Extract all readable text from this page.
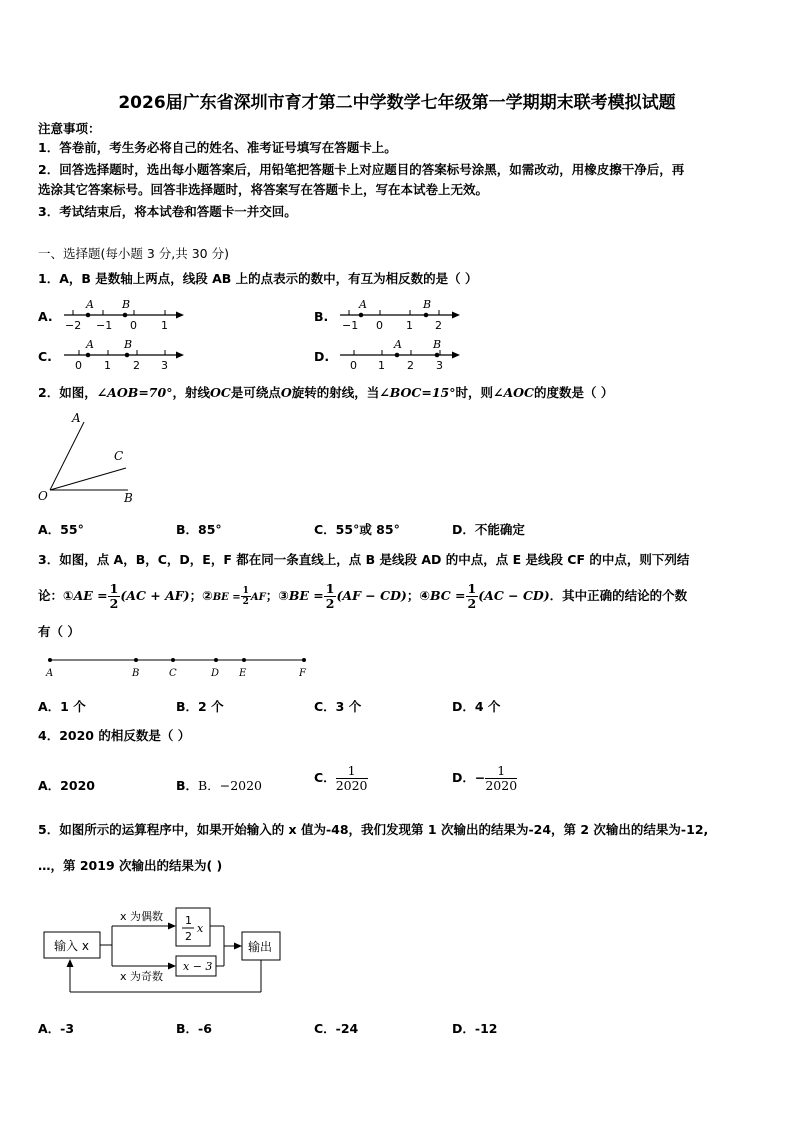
2026届广东省深圳市育才第二中学数学七年级第一学期期末联考模拟试题
注意事项：
1．答卷前，考生务必将自己的姓名、准考证号填写在答题卡上。
2．回答选择题时，选出每小题答案后，用铅笔把答题卡上对应题目的答案标号涂黑，如需改动，用橡皮擦干净后，再
选涂其它答案标号。回答非选择题时，将答案写在答题卡上，写在本试卷上无效。
3．考试结束后，将本试卷和答题卡一并交回。
一、选择题(每小题 3 分,共 30 分)
1．A，B 是数轴上两点，线段 AB 上的点表示的数中，有互为相反数的是（ ）
A.
A	B
−2 −1 0 1
B.
A	B
−1 0 1 2
C.
A	B
0 1 2 3
D.
A	B
0 1 2 3
2．如图，∠AOB=70°，射线OC是可绕点O旋转的射线，当∠BOC=15°时，则∠AOC的度数是（ ）
A
C
O	B
A．55°	B．85°	C．55°或 85°	D．不能确定
3．如图，点 A，B，C，D，E，F 都在同一条直线上，点 B 是线段 AD 的中点，点 E 是线段 CF 的中点，则下列结
论：①AE = $\frac{1}{2} (AC + AF)$；②BE = $\frac{1}{2}$ AF；③BE = $\frac{1}{2} (AF - CD)$；④BC = $\frac{1}{2} (AC - CD)$．其中正确的结论的个数
有（ ）
A	B	C	D E	F
A．1 个	B．2 个	C．3 个	D．4 个
4．2020 的相反数是（ ）
A．2020	B．B．−2020
C． $\frac{1}{2020}$	D．− $\frac{1}{2020}$
5．如图所示的运算程序中，如果开始输入的 x 值为-48，我们发现第 1 次输出的结果为-24，第 2 次输出的结果为-12,
…，第 2019 次输出的结果为( )
输入 x
x 为偶数
x 为奇数
1
2
x
x − 3
输出
A．-3	B．-6	C．-24	D．-12
